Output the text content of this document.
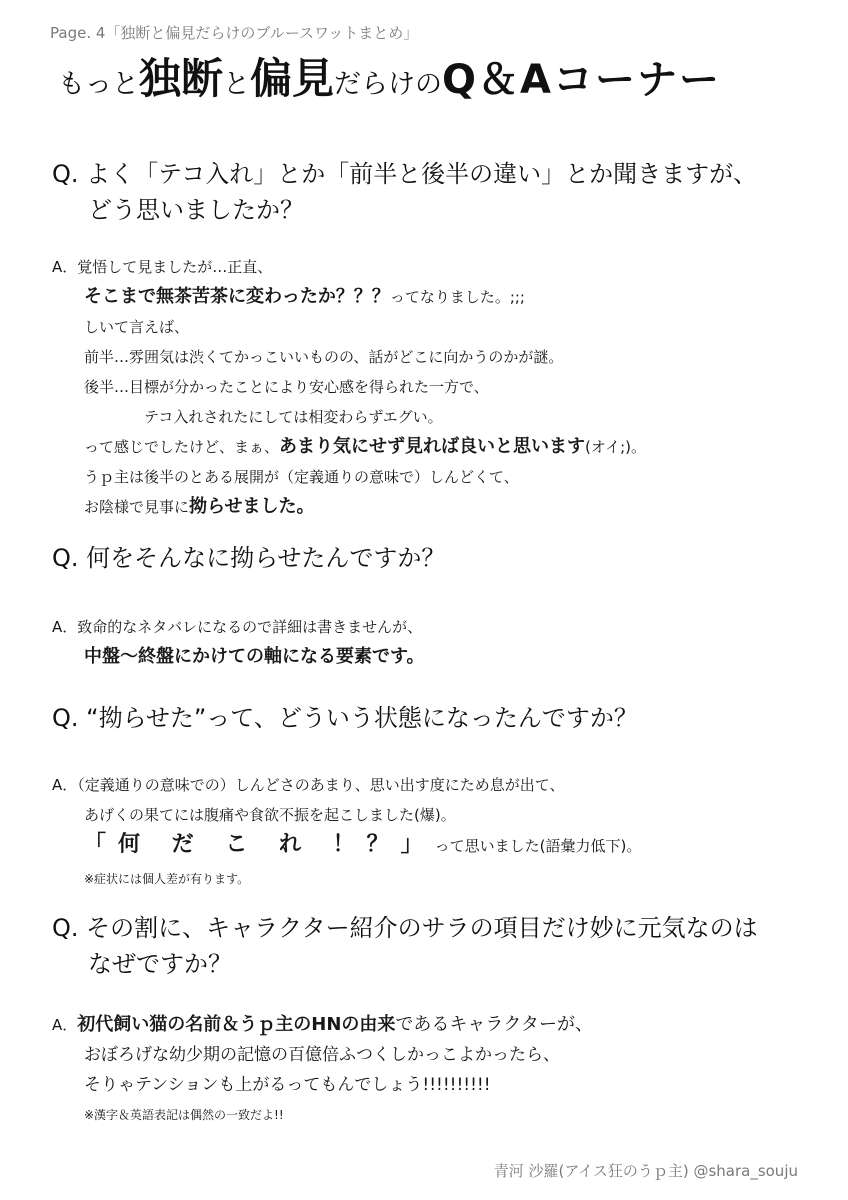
Page. 4「独断と偏見だらけのブルースワットまとめ」
もっと独断と偏見だらけのQ＆Aコーナー
Q. よく「テコ入れ」とか「前半と後半の違い」とか聞きますが、
どう思いましたか？
A．覚悟して見ましたが…正直、
そこまで無茶苦茶に変わったか？？？ってなりました。;;;
しいて言えば、
前半…雰囲気は渋くてかっこいいものの、話がどこに向かうのかが謎。
後半…目標が分かったことにより安心感を得られた一方で、
テコ入れされたにしては相変わらずエグい。
って感じでしたけど、まぁ、あまり気にせず見れば良いと思います(オイ;)。
うｐ主は後半のとある展開が（定義通りの意味で）しんどくて、
お陰様で見事に拗らせました。
Q. 何をそんなに拗らせたんですか？
A．致命的なネタバレになるので詳細は書きませんが、
中盤～終盤にかけての軸になる要素です。
Q. “拗らせた”って、どういう状態になったんですか？
A．（定義通りの意味での）しんどさのあまり、思い出す度にため息が出て、
あげくの果てには腹痛や食欲不振を起こしました(爆)。
「何 だ こ れ ！？」って思いました(語彙力低下)。
※症状には個人差が有ります。
Q. その割に、キャラクター紹介のサラの項目だけ妙に元気なのは
なぜですか？
A．初代飼い猫の名前＆うｐ主のHNの由来であるキャラクターが、
おぼろげな幼少期の記憶の百億倍ふつくしかっこよかったら、
そりゃテンションも上がるってもんでしょう!!!!!!!!!!
※漢字＆英語表記は偶然の一致だよ!!
青河 沙羅(アイス狂のうｐ主) @shara_souju
